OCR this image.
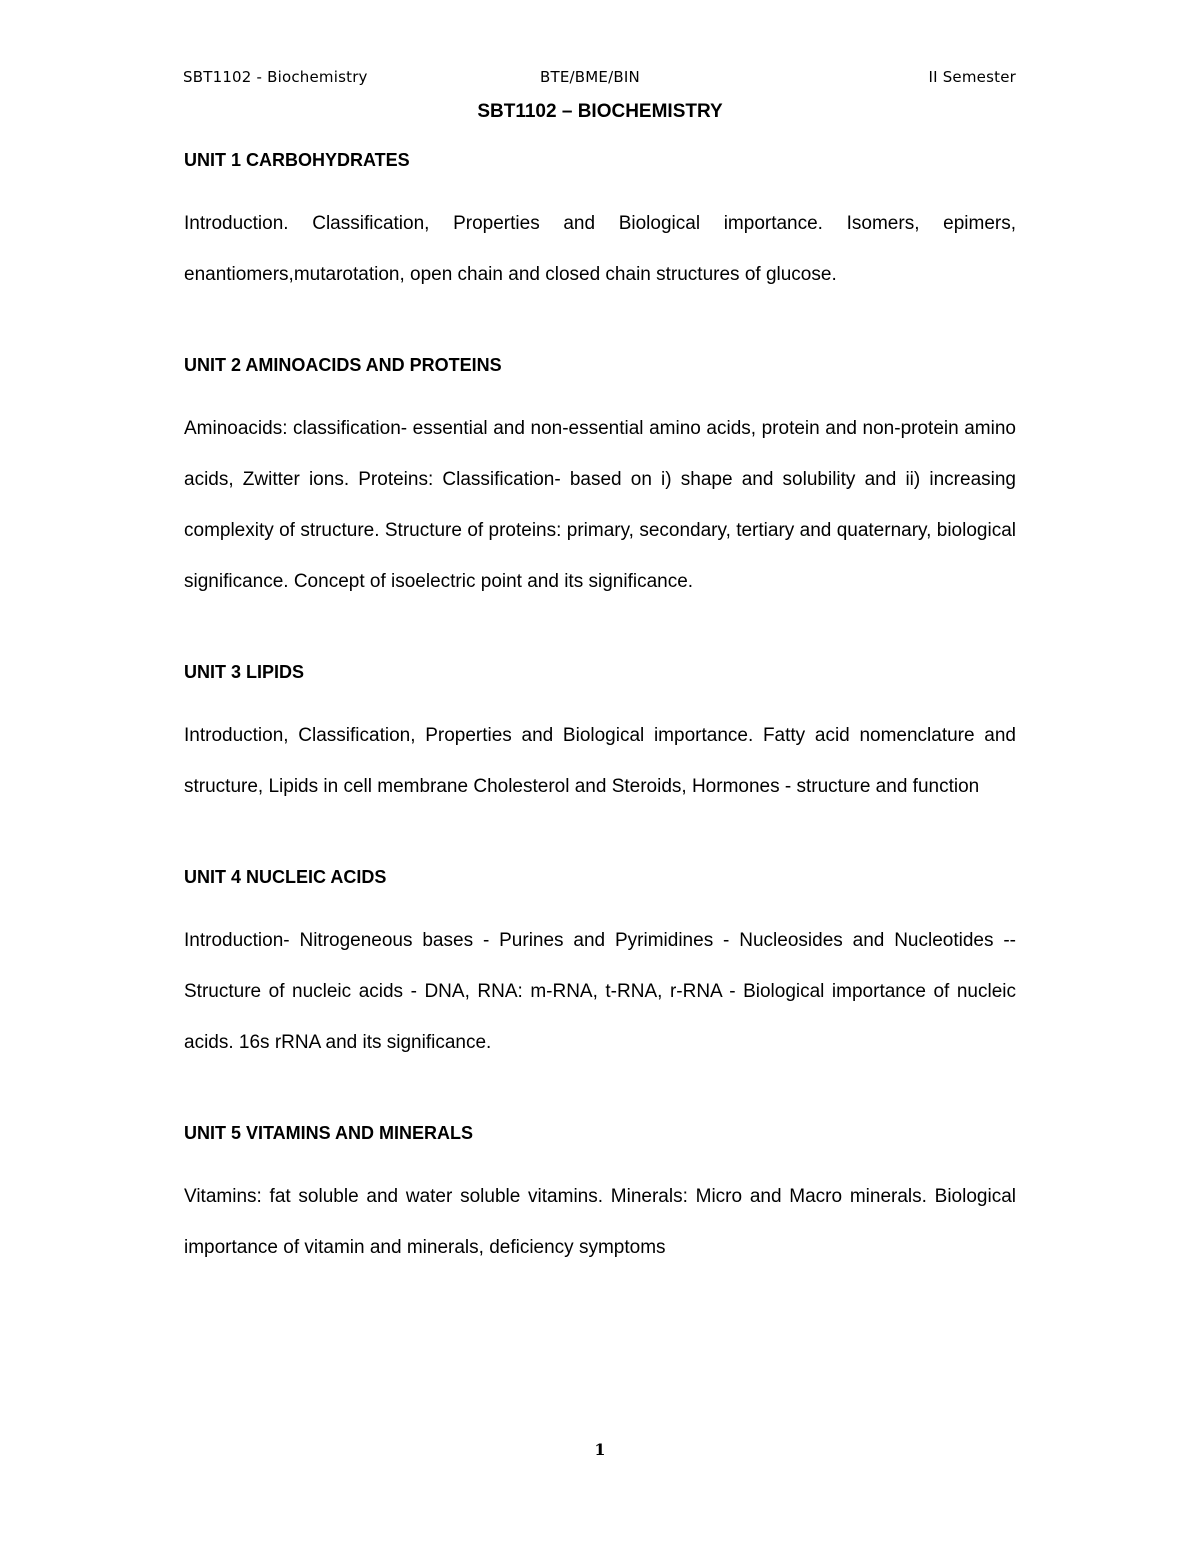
SBT1102 - Biochemistry	BTE/BME/BIN	II Semester
SBT1102 – BIOCHEMISTRY
UNIT 1 CARBOHYDRATES

Introduction. Classification, Properties and Biological importance. Isomers, epimers, enantiomers,mutarotation, open chain and closed chain structures of glucose.

UNIT 2 AMINOACIDS AND PROTEINS

Aminoacids: classification- essential and non-essential amino acids, protein and non-protein amino acids, Zwitter ions. Proteins: Classification- based on i) shape and solubility and ii) increasing complexity of structure. Structure of proteins: primary, secondary, tertiary and quaternary, biological significance. Concept of isoelectric point and its significance.

UNIT 3 LIPIDS

Introduction, Classification, Properties and Biological importance. Fatty acid nomenclature and structure, Lipids in cell membrane Cholesterol and Steroids, Hormones - structure and function

UNIT 4 NUCLEIC ACIDS

Introduction- Nitrogeneous bases - Purines and Pyrimidines - Nucleosides and Nucleotides -- Structure of nucleic acids - DNA, RNA: m-RNA, t-RNA, r-RNA - Biological importance of nucleic acids. 16s rRNA and its significance.

UNIT 5 VITAMINS AND MINERALS

Vitamins: fat soluble and water soluble vitamins. Minerals: Micro and Macro minerals. Biological importance of vitamin and minerals, deficiency symptoms

1
